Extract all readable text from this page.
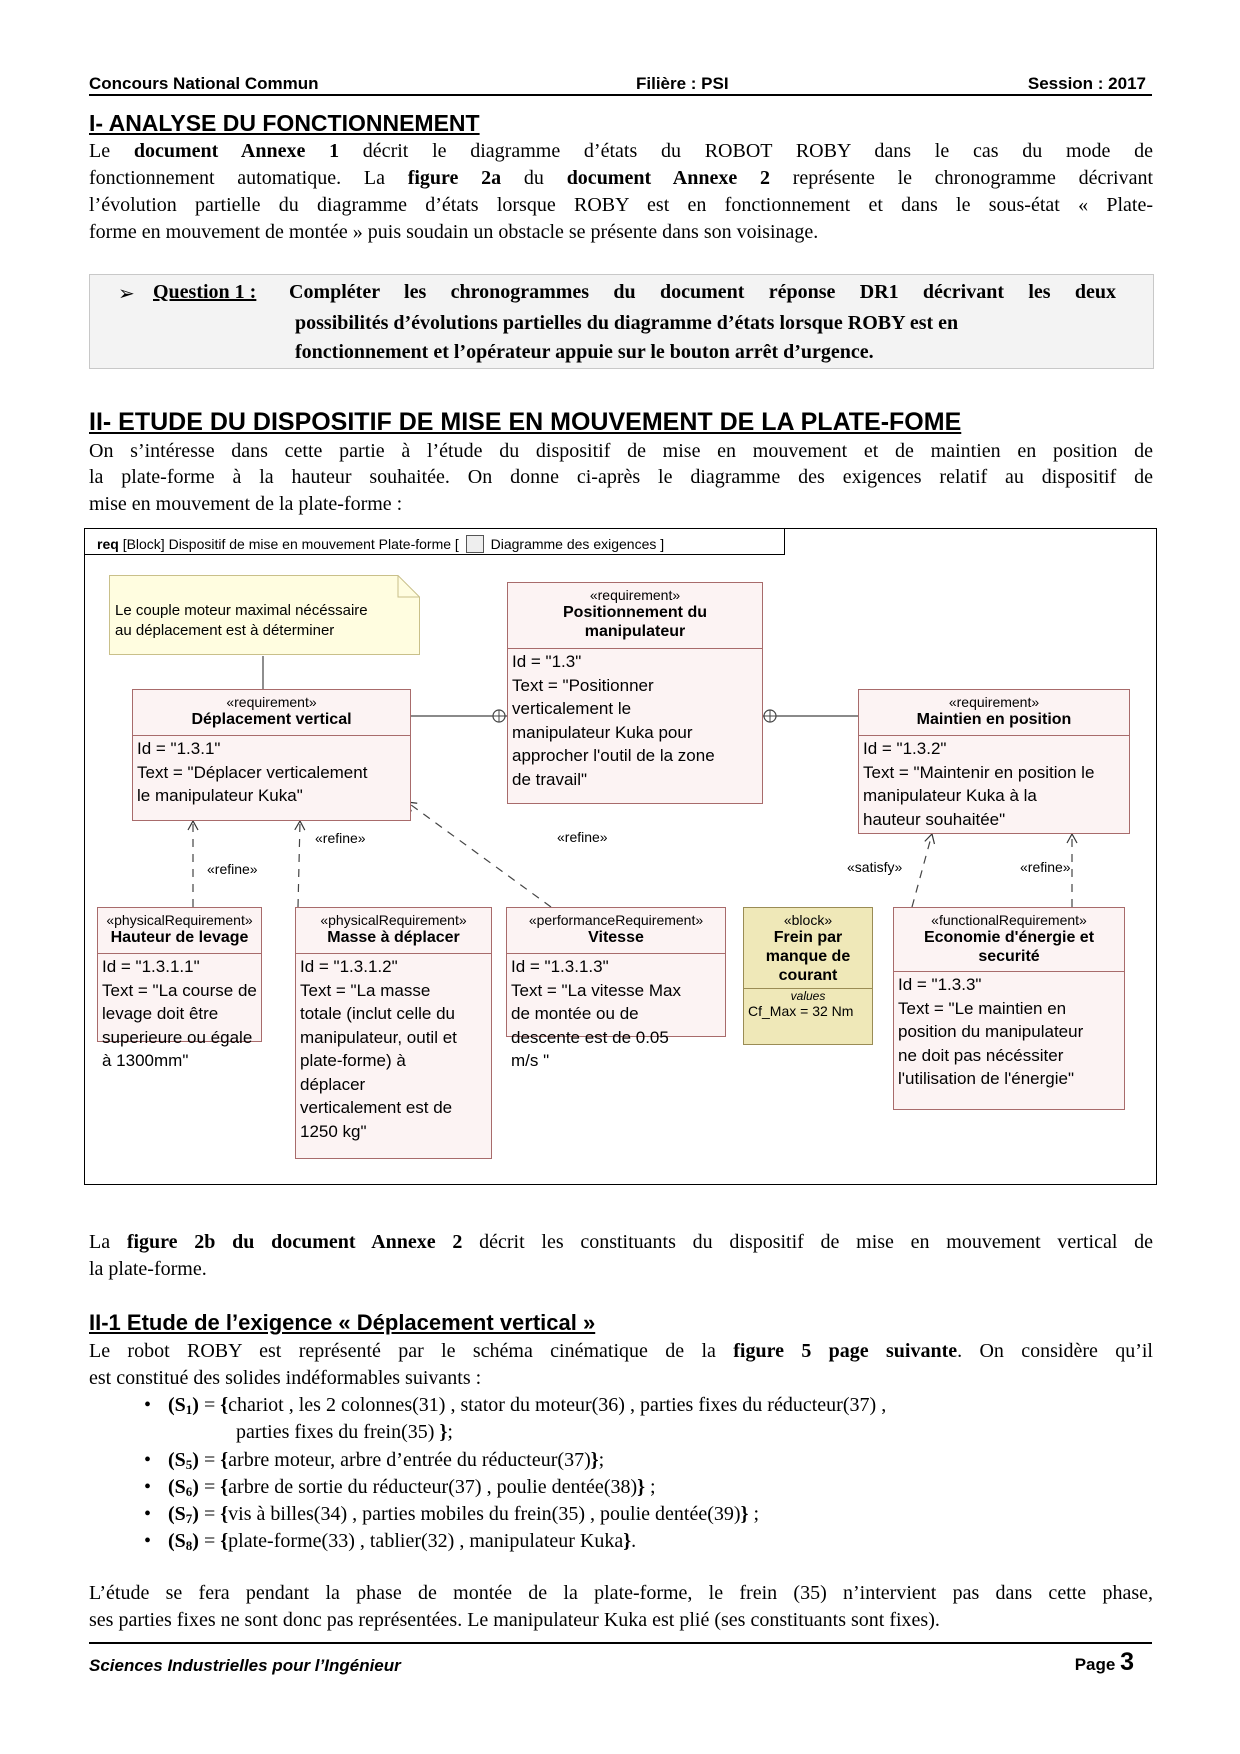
Concours National Commun	Filière : PSI	Session : 2017
I- ANALYSE DU FONCTIONNEMENT
Le document Annexe 1 décrit le diagramme d’états du ROBOT ROBY dans le cas du mode de
fonctionnement automatique. La figure 2a du document Annexe 2 représente le chronogramme décrivant
l’évolution partielle du diagramme d’états lorsque ROBY est en fonctionnement et dans le sous-état « Plate-
forme en mouvement de montée » puis soudain un obstacle se présente dans son voisinage.
➢ Question 1 : Compléter les chronogrammes du document réponse DR1 décrivant les deux
possibilités d’évolutions partielles du diagramme d’états lorsque ROBY est en
fonctionnement et l’opérateur appuie sur le bouton arrêt d’urgence.
II- ETUDE DU DISPOSITIF DE MISE EN MOUVEMENT DE LA PLATE-FOME
On s’intéresse dans cette partie à l’étude du dispositif de mise en mouvement et de maintien en position de
la plate-forme à la hauteur souhaitée. On donne ci-après le diagramme des exigences relatif au dispositif de
mise en mouvement de la plate-forme :
req [Block] Dispositif de mise en mouvement Plate-forme [ Diagramme des exigences ]
Le couple moteur maximal nécéssaire
au déplacement est à déterminer
«requirement»
Positionnement du
manipulateur
Id = "1.3"
Text = "Positionner
verticalement le
manipulateur Kuka pour
approcher l'outil de la zone
de travail"
«requirement»
Déplacement vertical
Id = "1.3.1"
Text = "Déplacer verticalement
le manipulateur Kuka"
«requirement»
Maintien en position
Id = "1.3.2"
Text = "Maintenir en position le
manipulateur Kuka à la
hauteur souhaitée"
«refine»
«refine»	«refine»
«satisfy»	«refine»
«physicalRequirement»
Hauteur de levage
Id = "1.3.1.1"
Text = "La course de
levage doit être
superieure ou égale
à 1300mm"
«physicalRequirement»
Masse à déplacer
Id = "1.3.1.2"
Text = "La masse
totale (inclut celle du
manipulateur, outil et
plate-forme) à
déplacer
verticalement est de
1250 kg"
«performanceRequirement»
Vitesse
Id = "1.3.1.3"
Text = "La vitesse Max
de montée ou de
descente est de 0.05
m/s "
«block»
Frein par
manque de
courant
values
Cf_Max = 32 Nm
«functionalRequirement»
Economie d'énergie et
securité
Id = "1.3.3"
Text = "Le maintien en
position du manipulateur
ne doit pas nécéssiter
l'utilisation de l'énergie"
La figure 2b du document Annexe 2 décrit les constituants du dispositif de mise en mouvement vertical de
la plate-forme.
II-1 Etude de l’exigence « Déplacement vertical »
Le robot ROBY est représenté par le schéma cinématique de la figure 5 page suivante. On considère qu’il
est constitué des solides indéformables suivants :
• $(S_1)$ = {chariot , les 2 colonnes(31) , stator du moteur(36) , parties fixes du réducteur(37) ,
parties fixes du frein(35) };
• $(S_5)$ = {arbre moteur, arbre d’entrée du réducteur(37)};
• $(S_6)$ = {arbre de sortie du réducteur(37) , poulie dentée(38)} ;
• $(S_7) = \{vis$ à billes(34) , parties mobiles du frein(35) , poulie dentée(39)} ;
• $(S_8)$ = {plate-forme(33) , tablier(32) , manipulateur Kuka}.
L’étude se fera pendant la phase de montée de la plate-forme, le frein (35) n’intervient pas dans cette phase,
ses parties fixes ne sont donc pas représentées. Le manipulateur Kuka est plié (ses constituants sont fixes).
Sciences Industrielles pour l’Ingénieur	Page 3
